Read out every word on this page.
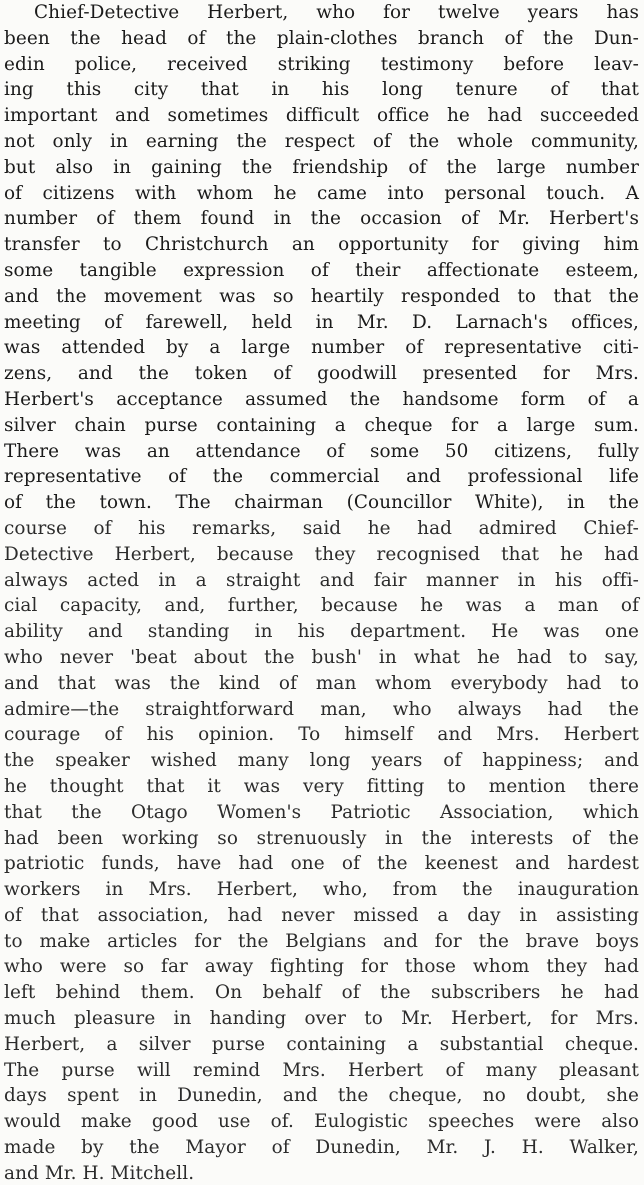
Chief-Detective Herbert, who for twelve years has
been the head of the plain-clothes branch of the Dun-
edin police, received striking testimony before leav-
ing this city that in his long tenure of that
important and sometimes difficult office he had succeeded
not only in earning the respect of the whole community,
but also in gaining the friendship of the large number
of citizens with whom he came into personal touch. A
number of them found in the occasion of Mr. Herbert's
transfer to Christchurch an opportunity for giving him
some tangible expression of their affectionate esteem,
and the movement was so heartily responded to that the
meeting of farewell, held in Mr. D. Larnach's offices,
was attended by a large number of representative citi-
zens, and the token of goodwill presented for Mrs.
Herbert's acceptance assumed the handsome form of a
silver chain purse containing a cheque for a large sum.
There was an attendance of some 50 citizens, fully
representative of the commercial and professional life
of the town. The chairman (Councillor White), in the
course of his remarks, said he had admired Chief-
Detective Herbert, because they recognised that he had
always acted in a straight and fair manner in his offi-
cial capacity, and, further, because he was a man of
ability and standing in his department. He was one
who never 'beat about the bush' in what he had to say,
and that was the kind of man whom everybody had to
admire—the straightforward man, who always had the
courage of his opinion. To himself and Mrs. Herbert
the speaker wished many long years of happiness; and
he thought that it was very fitting to mention there
that the Otago Women's Patriotic Association, which
had been working so strenuously in the interests of the
patriotic funds, have had one of the keenest and hardest
workers in Mrs. Herbert, who, from the inauguration
of that association, had never missed a day in assisting
to make articles for the Belgians and for the brave boys
who were so far away fighting for those whom they had
left behind them. On behalf of the subscribers he had
much pleasure in handing over to Mr. Herbert, for Mrs.
Herbert, a silver purse containing a substantial cheque.
The purse will remind Mrs. Herbert of many pleasant
days spent in Dunedin, and the cheque, no doubt, she
would make good use of. Eulogistic speeches were also
made by the Mayor of Dunedin, Mr. J. H. Walker,
and Mr. H. Mitchell.
